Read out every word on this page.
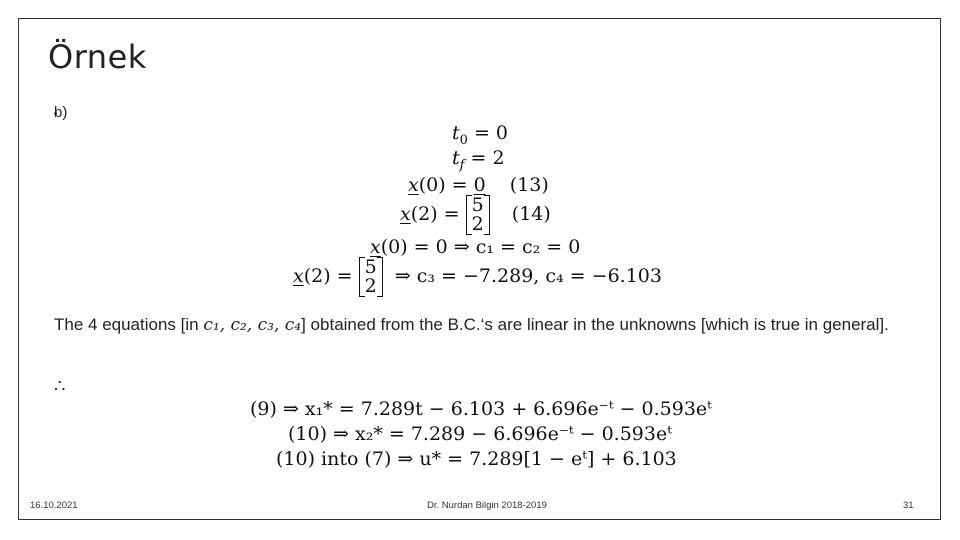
Örnek
b)
$t_0 = 0$
$t_f = 2$
x(0) = 0 (13)
x(2) = 5
2 (14)
x(0) = 0 ⇒ c₁ = c₂ = 0
x(2) = 5
2 ⇒ c₃ = −7.289, c₄ = −6.103
The 4 equations [in c₁, c₂, c₃, c₄] obtained from the B.C.‘s are linear in the unknowns [which is true in general].
∴
(9) ⇒ x₁* = 7.289t − 6.103 + 6.696e⁻ᵗ − 0.593eᵗ
(10) ⇒ x₂* = 7.289 − 6.696e⁻ᵗ − 0.593eᵗ
(10) into (7) ⇒ u* = 7.289[1 − eᵗ] + 6.103
16.10.2021	Dr. Nurdan Bilgin 2018-2019	31
